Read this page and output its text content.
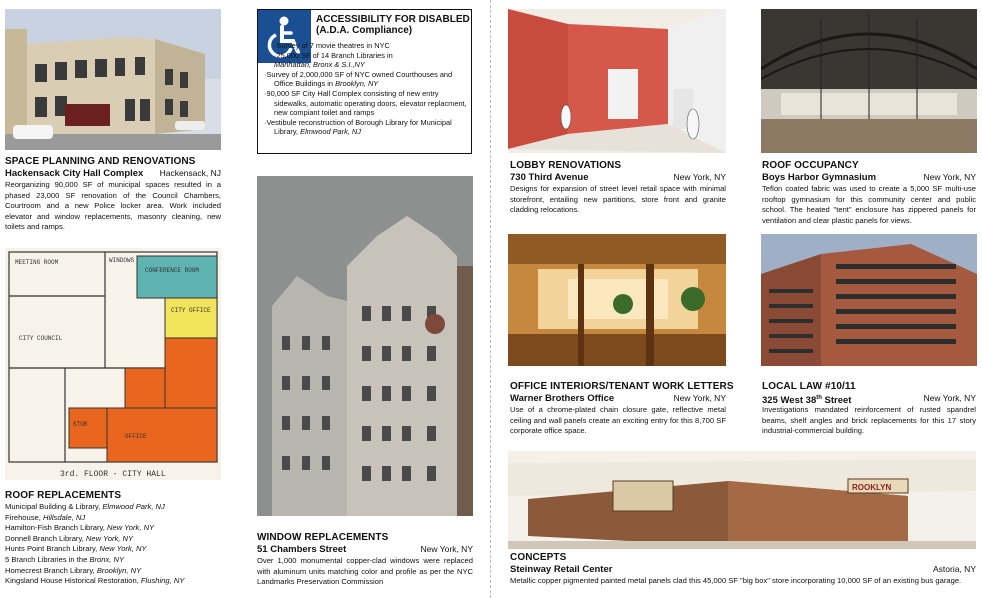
SPACE PLANNING AND RENOVATIONS
Hackensack City Hall Complex Hackensack, NJ
Reorganizing 90,000 SF of municipal spaces resulted in a phased 23,000 SF renovation of the Council Chambers, Courtroom and a new Police locker area. Work included elevator and window replacements, masonry cleaning, new toilets and ramps.
MEETING ROOM	WINDOWS
CONFERENCE ROOM
CITY OFFICE
CITY COUNCIL
STOR
OFFICE
3rd. FLOOR - CITY HALL
ROOF REPLACEMENTS
Municipal Building & Library, Elmwood Park, NJ
Firehouse, Hillsdale, NJ
Hamilton-Fish Branch Library, New York, NY
Donnell Branch Library, New York, NY
Hunts Point Branch Library, New York, NY
5 Branch Libraries in the Bronx, NY
Homecrest Branch Library, Brooklyn, NY
Kingsland House Historical Restoration, Flushing, NY
ACCESSIBILITY FOR DISABLED
(A.D.A. Compliance)
·Survey of 7 movie theatres in NYC
·25,000 SF of 14 Branch Libraries in
Manhattan, Bronx & S.I.,NY
·Survey of 2,000,000 SF of NYC owned Courthouses and Office Buildings in Brooklyn, NY
·90,000 SF City Hall Complex consisting of new entry sidewalks, automatic operating doors, elevator replacment, new compiant toilet and ramps
·Vestibule reconstruction of Borough Library for Municipal Library, Elmwood Park, NJ
WINDOW REPLACEMENTS
51 Chambers Street	New York, NY
Over 1,000 monumental copper-clad windows were replaced with aluminum units matching color and profile as per the NYC Landmarks Preservation Commission
LOBBY RENOVATIONS
730 Third Avenue	New York, NY
Designs for expansion of street level retail space with minimal storefront, entailing new partitions, store front and granite cladding relocations.
OFFICE INTERIORS/TENANT WORK LETTERS
Warner Brothers Office	New York, NY
Use of a chrome-plated chain closure gate, reflective metal ceiling and wall panels create an exciting entry for this 8,700 SF corporate office space.
ROOKLYN
CONCEPTS
Steinway Retail Center	Astoria, NY
Metallic copper pigmented painted metal panels clad this 45,000 SF "big box" store incorporating 10,000 SF of an existing bus garage.
ROOF OCCUPANCY
Boys Harbor Gymnasium	New York, NY
Teflon coated fabric was used to create a 5,000 SF multi-use rooftop gymnasium for this community center and public school. The heated "tent" enclosure has zippered panels for ventilation and clear plastic panels for views.
LOCAL LAW #10/11
325 West 38th Street	New York, NY
Investigations mandated reinforcement of rusted spandrel beams, shelf angles and brick replacements for this 17 story industrial-commercial building.
